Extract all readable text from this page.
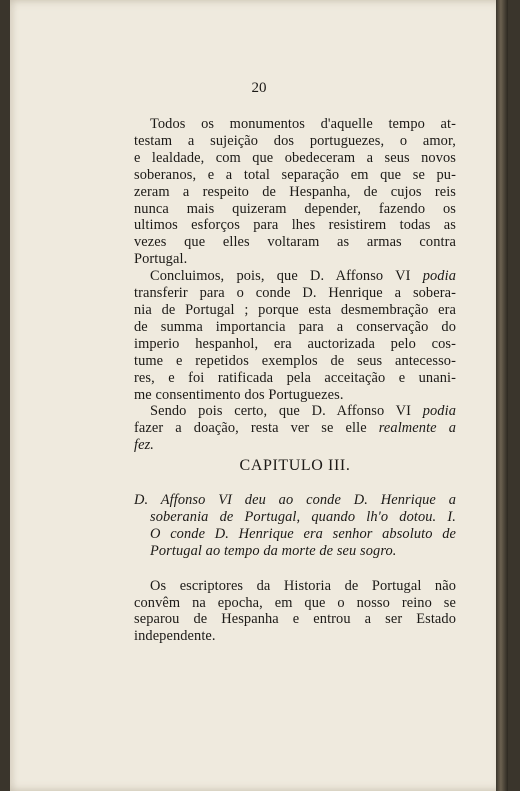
20
Todos os monumentos d'aquelle tempo at-
testam a sujeição dos portuguezes, o amor,
e lealdade, com que obedeceram a seus novos
soberanos, e a total separação em que se pu-
zeram a respeito de Hespanha, de cujos reis
nunca mais quizeram depender, fazendo os
ultimos esforços para lhes resistirem todas as
vezes que elles voltaram as armas contra
Portugal.
Concluimos, pois, que D. Affonso VI podia
transferir para o conde D. Henrique a sobera-
nia de Portugal ; porque esta desmembração era
de summa importancia para a conservação do
imperio hespanhol, era auctorizada pelo cos-
tume e repetidos exemplos de seus antecesso-
res, e foi ratificada pela acceitação e unani-
me consentimento dos Portuguezes.
Sendo pois certo, que D. Affonso VI podia
fazer a doação, resta ver se elle realmente a
fez.
CAPITULO III.
D. Affonso VI deu ao conde D. Henrique a
soberania de Portugal, quando lh'o dotou. I.
O conde D. Henrique era senhor absoluto de
Portugal ao tempo da morte de seu sogro.
Os escriptores da Historia de Portugal não
convêm na epocha, em que o nosso reino se
separou de Hespanha e entrou a ser Estado
independente.
